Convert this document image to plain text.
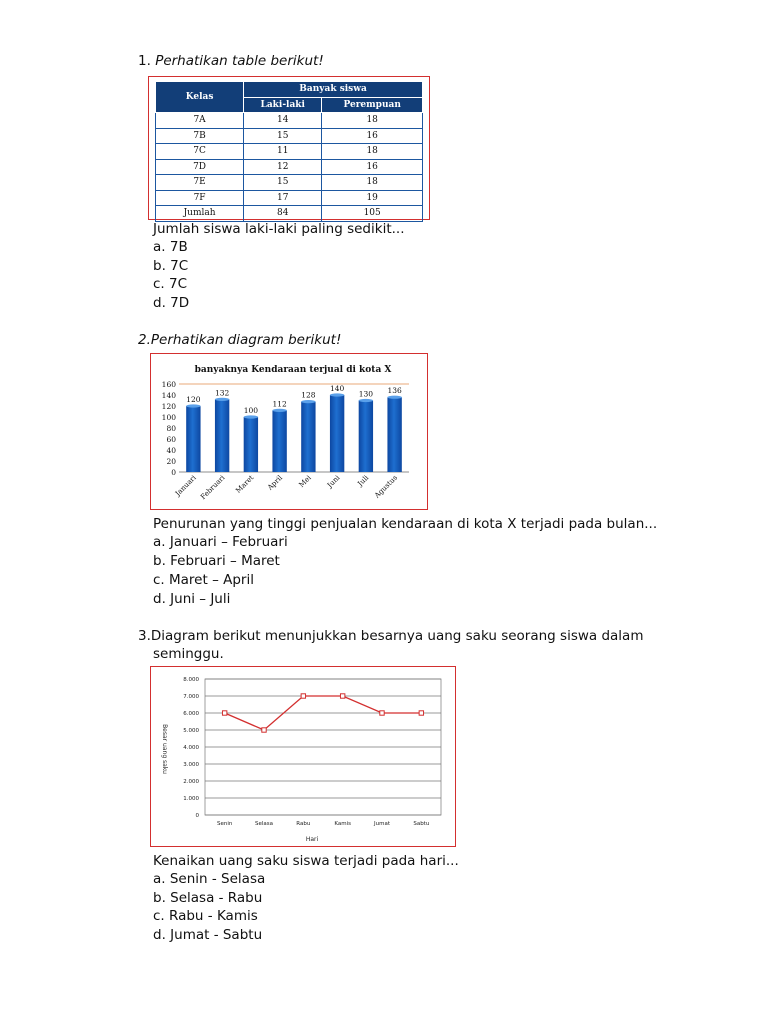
1. Perhatikan table berikut!
Kelas	Banyak siswa	
	Laki-laki	Perempuan
7A	14	18
7B	15	16
7C	11	18
7D	12	16
7E	15	18
7F	17	19
Jumlah	84	105
Jumlah siswa laki-laki paling sedikit...
a. 7B
b. 7C
c. 7C
d. 7D
2.Perhatikan diagram berikut!
banyaknya Kendaraan terjual di kota X
0
20
40
60
80
100
120
140
160
120
Januari
132
Februari
100
Maret
112
April
128
Mei
140
Juni
130
Juli
136
Agustus
Penurunan yang tinggi penjualan kendaraan di kota X terjadi pada bulan...
a. Januari – Februari
b. Februari – Maret
c. Maret – April
d. Juni – Juli
3.Diagram berikut menunjukkan besarnya uang saku seorang siswa dalam
seminggu.
0
1.000
2.000
3.000
4.000
5.000
6.000
7.000
8.000
Senin	Selasa	Rabu	Kamis	Jumat	Sabtu
Hari
Besar uang saku
Kenaikan uang saku siswa terjadi pada hari...
a. Senin - Selasa
b. Selasa - Rabu
c. Rabu - Kamis
d. Jumat - Sabtu
